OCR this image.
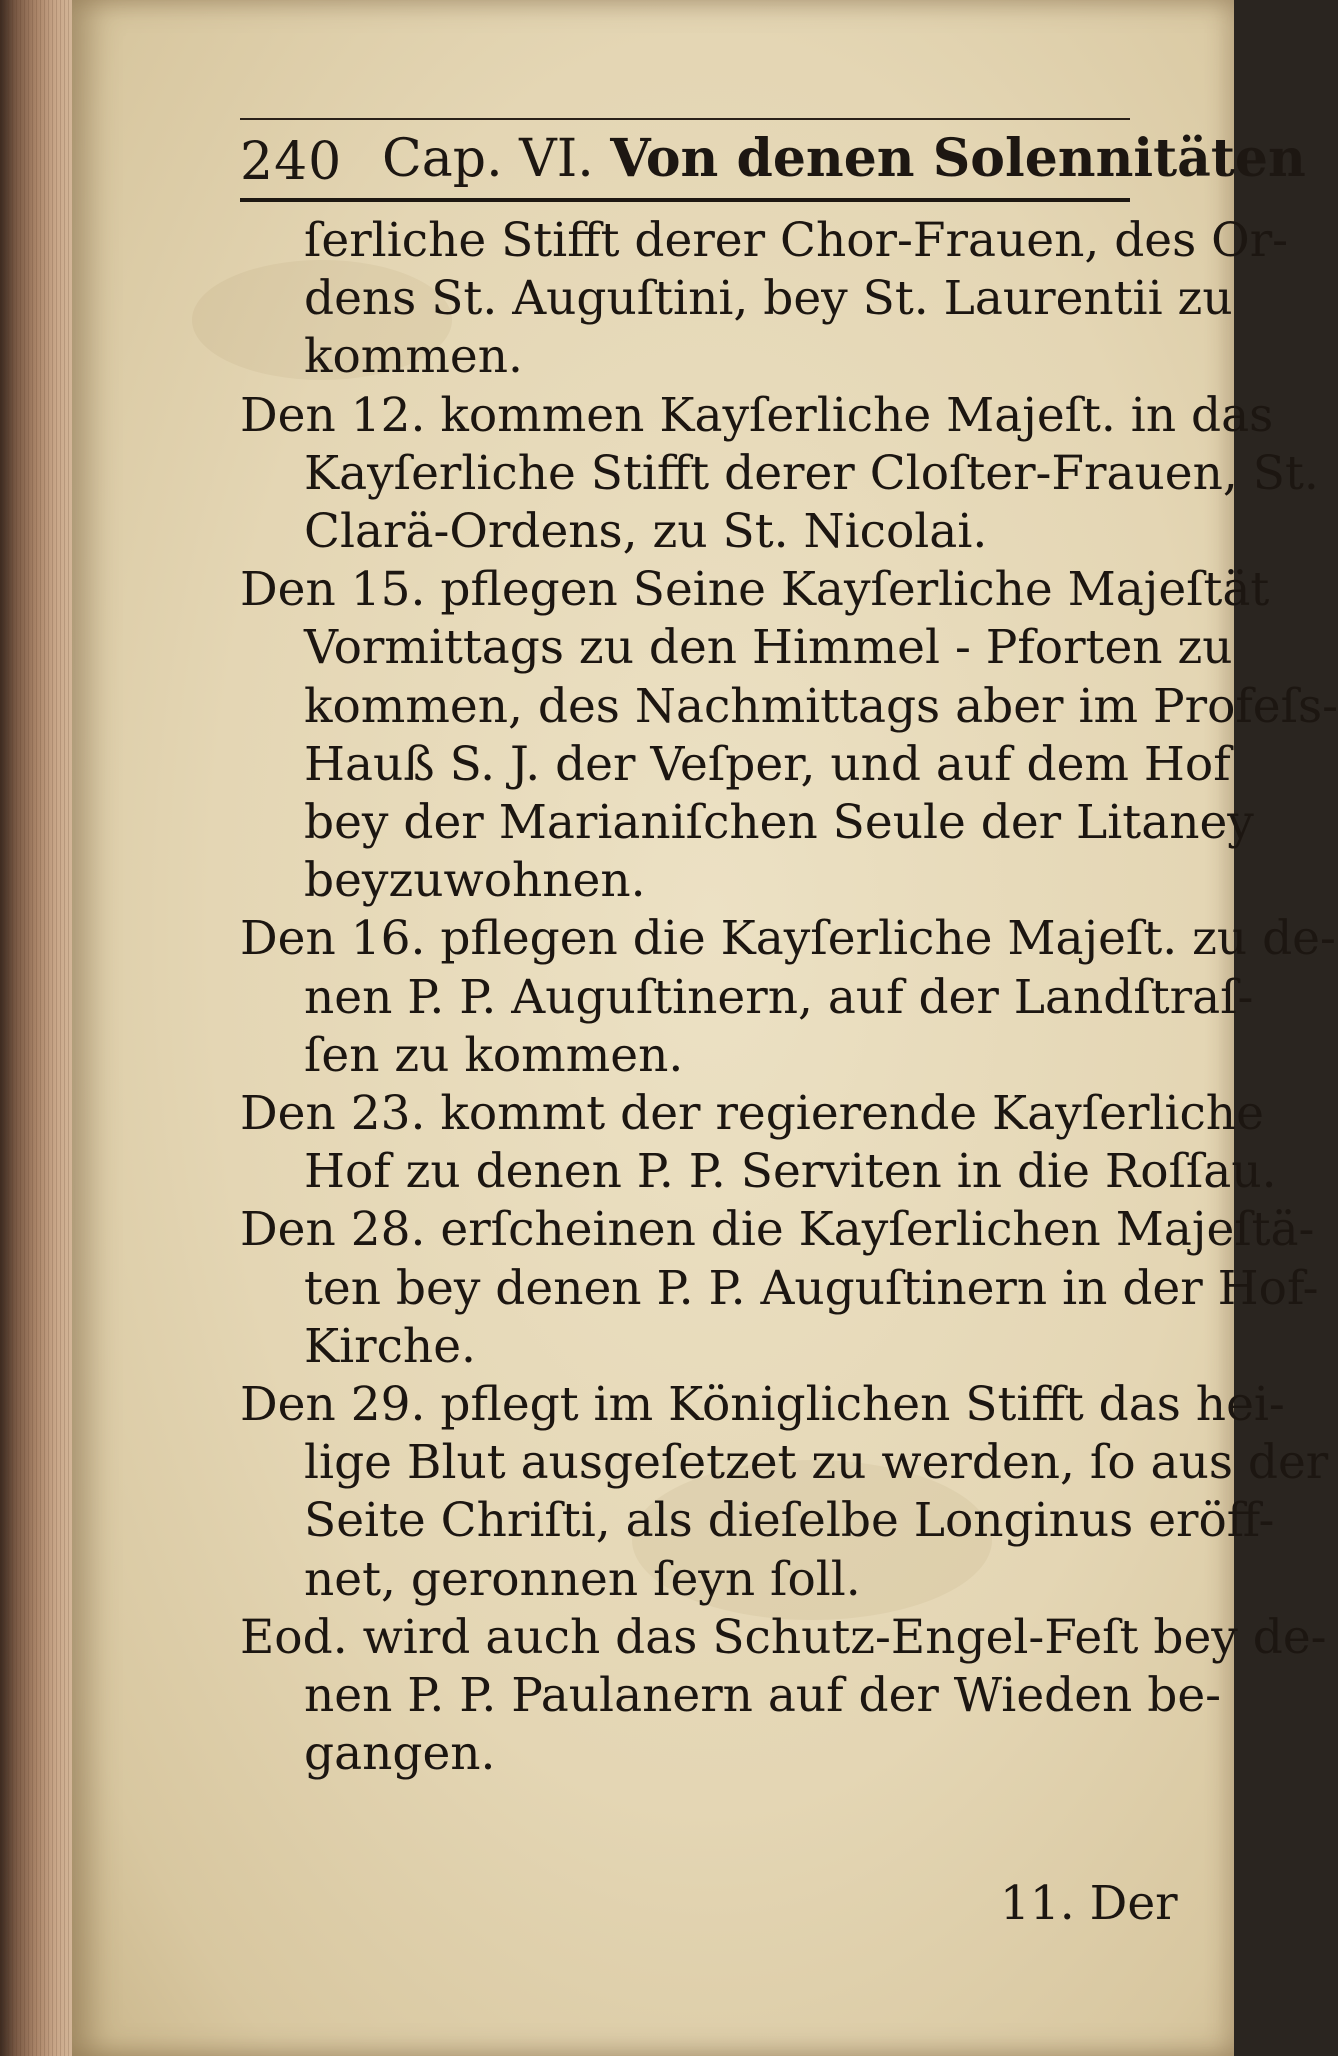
240 Cap. VI. Von denen Solennitäten
ſerliche Stifft derer Chor-Frauen, des Or-
dens St. Auguſtini, bey St. Laurentii zu
kommen.
Den 12. kommen Kayſerliche Majeſt. in das
Kayſerliche Stifft derer Cloſter-Frauen, St.
Clarä-Ordens, zu St. Nicolai.
Den 15. pflegen Seine Kayſerliche Majeſtät
Vormittags zu den Himmel - Pforten zu
kommen, des Nachmittags aber im Profeſs-
Hauß S. J. der Veſper, und auf dem Hof
bey der Marianiſchen Seule der Litaney
beyzuwohnen.
Den 16. pflegen die Kayſerliche Majeſt. zu de-
nen P. P. Auguſtinern, auf der Landſtraſ-
ſen zu kommen.
Den 23. kommt der regierende Kayſerliche
Hof zu denen P. P. Serviten in die Roſſau.
Den 28. erſcheinen die Kayſerlichen Majeſtä-
ten bey denen P. P. Auguſtinern in der Hof-
Kirche.
Den 29. pflegt im Königlichen Stifft das hei-
lige Blut ausgeſetzet zu werden, ſo aus der
Seite Chriſti, als dieſelbe Longinus eröff-
net, geronnen ſeyn ſoll.
Eod. wird auch das Schutz-Engel-Feſt bey de-
nen P. P. Paulanern auf der Wieden be-
gangen.
11. Der
